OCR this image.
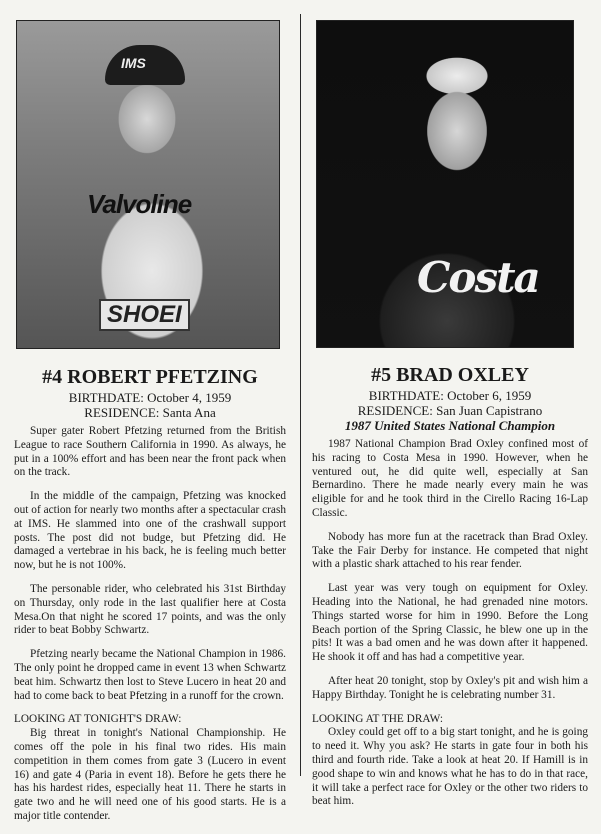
IMS
Valvoline
SHOEI
#4 ROBERT PFETZING
BIRTHDATE: October 4, 1959
RESIDENCE: Santa Ana

Super gater Robert Pfetzing returned from the British League to race Southern California in 1990. As always, he put in a 100% effort and has been near the front pack when on the track.

In the middle of the campaign, Pfetzing was knocked out of action for nearly two months after a spectacular crash at IMS. He slammed into one of the crashwall support posts. The post did not budge, but Pfetzing did. He damaged a vertebrae in his back, he is feeling much better now, but he is not 100%.

The personable rider, who celebrated his 31st Birthday on Thursday, only rode in the last qualifier here at Costa Mesa.On that night he scored 17 points, and was the only rider to beat Bobby Schwartz.

Pfetzing nearly became the National Champion in 1986. The only point he dropped came in event 13 when Schwartz beat him. Schwartz then lost to Steve Lucero in heat 20 and had to come back to beat Pfetzing in a runoff for the crown.

LOOKING AT TONIGHT'S DRAW:

Big threat in tonight's National Championship. He comes off the pole in his final two rides. His main competition in them comes from gate 3 (Lucero in event 16) and gate 4 (Paria in event 18). Before he gets there he has his hardest rides, especially heat 11. There he starts in gate two and he will need one of his good starts. He is a major title contender.

Costa
#5 BRAD OXLEY
BIRTHDATE: October 6, 1959
RESIDENCE: San Juan Capistrano
1987 United States National Champion

1987 National Champion Brad Oxley confined most of his racing to Costa Mesa in 1990. However, when he ventured out, he did quite well, especially at San Bernardino. There he made nearly every main he was eligible for and he took third in the Cirello Racing 16-Lap Classic.

Nobody has more fun at the racetrack than Brad Oxley. Take the Fair Derby for instance. He competed that night with a plastic shark attached to his rear fender.

Last year was very tough on equipment for Oxley. Heading into the National, he had grenaded nine motors. Things started worse for him in 1990. Before the Long Beach portion of the Spring Classic, he blew one up in the pits! It was a bad omen and he was down after it happened. He shook it off and has had a competitive year.

After heat 20 tonight, stop by Oxley's pit and wish him a Happy Birthday. Tonight he is celebrating number 31.

LOOKING AT THE DRAW:

Oxley could get off to a big start tonight, and he is going to need it. Why you ask? He starts in gate four in both his third and fourth ride. Take a look at heat 20. If Hamill is in good shape to win and knows what he has to do in that race, it will take a perfect race for Oxley or the other two riders to beat him.
